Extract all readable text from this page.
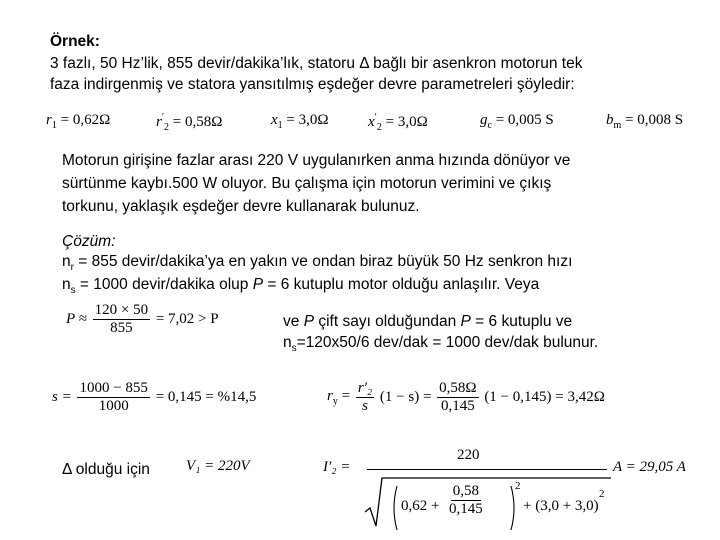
Örnek:
3 fazlı, 50 Hz’lik, 855 devir/dakika’lık, statoru Δ bağlı bir asenkron motorun tek
faza indirgenmiş ve statora yansıtılmış eşdeğer devre parametreleri şöyledir:
$r_1 = 0,62\Omega$	$r'_2 = 0,58\Omega$	$x_1 = 3,0\Omega$	$x'_2 = 3,0\Omega$	$g_c = 0,005$ S	$b_m = 0,008$ S
Motorun girişine fazlar arası 220 V uygulanırken anma hızında dönüyor ve
sürtünme kaybı.500 W oluyor. Bu çalışma için motorun verimini ve çıkış
torkunu, yaklaşık eşdeğer devre kullanarak bulunuz.
Çözüm:
$n_r = 855$ devir/dakika’ya en yakın ve ondan biraz büyük 50 Hz senkron hızı
$n_s = 1000$ devir/dakika olup P = 6 kutuplu motor olduğu anlaşılır. Veya
$P \approx \frac{120 \times 50}{855} = 7,02 > P$	ve P çift sayı olduğundan P = 6 kutuplu ve
$n_s=120x50/6$ dev/dak = 1000 dev/dak bulunur.
$s = \frac{1000 - 855}{1000} = 0,145 = \%14,5$	$r_y = \frac{\text{r′₂}}{s} (1 - s) = \frac{0,58\Omega}{0,145} (1 - 0,145) = 3,42\Omega$
Δ olduğu için V₁ = 220V	I′₂ =
220
$0,62 + \frac{0,58}{0,145}$	2
+ (3,0 + 3,0)
2
A = 29,05 A
